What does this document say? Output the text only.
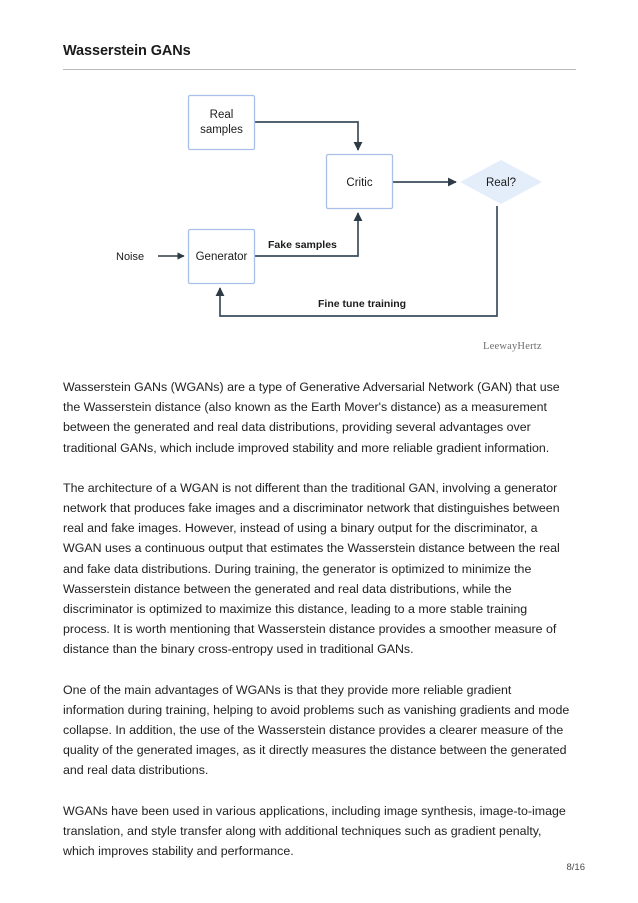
Wasserstein GANs
Real
samples
Critic	Real?
Generator
Noise
Fake samples
Fine tune training
LeewayHertz

Wasserstein GANs (WGANs) are a type of Generative Adversarial Network (GAN) that use the Wasserstein distance (also known as the Earth Mover's distance) as a measurement between the generated and real data distributions, providing several advantages over traditional GANs, which include improved stability and more reliable gradient information.

The architecture of a WGAN is not different than the traditional GAN, involving a generator network that produces fake images and a discriminator network that distinguishes between real and fake images. However, instead of using a binary output for the discriminator, a WGAN uses a continuous output that estimates the Wasserstein distance between the real and fake data distributions. During training, the generator is optimized to minimize the Wasserstein distance between the generated and real data distributions, while the discriminator is optimized to maximize this distance, leading to a more stable training process. It is worth mentioning that Wasserstein distance provides a smoother measure of distance than the binary cross-entropy used in traditional GANs.

One of the main advantages of WGANs is that they provide more reliable gradient information during training, helping to avoid problems such as vanishing gradients and mode collapse. In addition, the use of the Wasserstein distance provides a clearer measure of the quality of the generated images, as it directly measures the distance between the generated and real data distributions.

WGANs have been used in various applications, including image synthesis, image-to-image translation, and style transfer along with additional techniques such as gradient penalty, which improves stability and performance.

8/16
